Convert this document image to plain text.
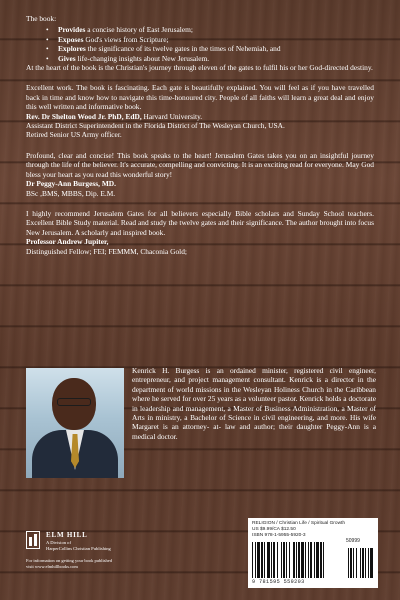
The book:

• Provides a concise history of East Jerusalem;
• Exposes God's views from Scripture;
• Explores the significance of its twelve gates in the times of Nehemiah, and
• Gives life-changing insights about New Jerusalem.

At the heart of the book is the Christian's journey through eleven of the gates to fulfil his or her God-directed destiny.

Excellent work. The book is fascinating. Each gate is beautifully explained. You will feel as if you have travelled back in time and know how to navigate this time-honoured city. People of all faiths will learn a great deal and enjoy this well written and informative book.

Rev. Dr Shelton Wood Jr. PhD, EdD, Harvard University.

Assistant District Superintendent in the Florida District of The Wesleyan Church, USA.

Retired Senior US Army officer.

Profound, clear and concise! This book speaks to the heart! Jerusalem Gates takes you on an insightful journey through the life of the believer. It's accurate, compelling and convicting. It is an exciting read for everyone. May God bless your heart as you read this wonderful story!

Dr Peggy-Ann Burgess, MD.

BSc ,BMS, MBBS, Dip. E.M.

I highly recommend Jerusalem Gates for all believers especially Bible scholars and Sunday School teachers. Excellent Bible Study material. Read and study the twelve gates and their significance. The author brought into focus New Jerusalem. A scholarly and inspired book.

Professor Andrew Jupiter,

Distinguished Fellow; FEI; FEMMM, Chaconia Gold;

Kenrick H. Burgess is an ordained minister, registered civil engineer, entrepreneur, and project management consultant. Kenrick is a director in the department of world missions in the Wesleyan Holiness Church in the Caribbean where he served for over 25 years as a volunteer pastor. Kenrick holds a doctorate in leadership and management, a Master of Business Administration, a Master of Arts in ministry, a Bachelor of Science in civil engineering, and more. His wife Margaret is an attorney- at- law and author; their daughter Peggy-Ann is a medical doctor.

ELM HILL
A Division of
HarperCollins Christian Publishing
For information on getting your book published
visit www.elmhillbooks.com
RELIGION / Christian Life / Spiritual Growth
US $9.99/CA $12.50
ISBN 978-1-5955-5920-3
50999
9 781595 559203
